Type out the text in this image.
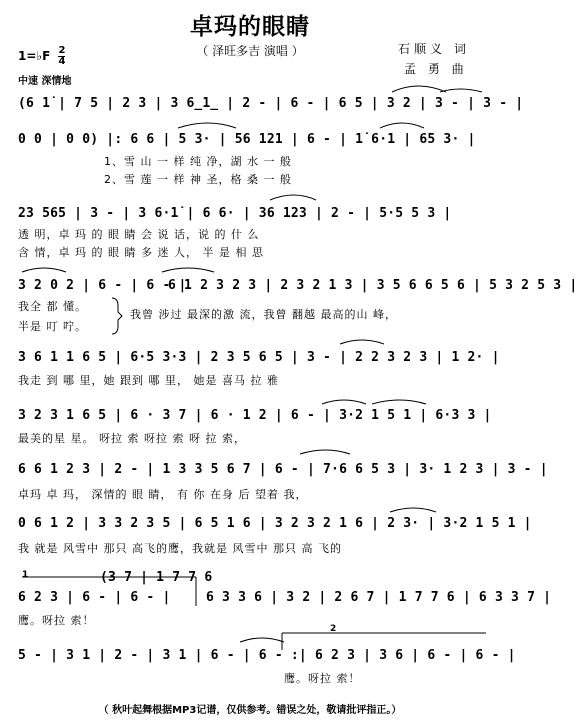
卓玛的眼睛
（ 泽旺多吉 演唱 ）	石顺义 词
孟 勇 曲
1=♭F $\frac{2}{4}$
中速 深情地
(6 1̇ | 7 5 | 2 3 | 3 6̲1̲ | 2 - | 6 - | 6 5 | 3 2 | 3 - | 3 - |
0 0 | 0 0) |: 6 6 | 5 3· | 56 121 | 6 - | 1̇ 6·1 | 65 3· |
1、雪 山 一 样 纯 净，湖 水 一 般
2、雪 莲 一 样 神 圣，格 桑 一 般
23 565 | 3 - | 3 6·1̇ | 6 6· | 36 123 | 2 - | 5·5 5 3 |
透 明，卓 玛 的 眼 睛 会 说 话，说 的 什 么
含 情，卓 玛 的 眼 睛 多 迷 人， 半 是 相 思
3 2 0 2 | 6 - | 6 - |
6 1 2 3 2 3 | 2 3 2 1 3 | 3 5 6 6 5 6 | 5 3 2 5 3 |
我全 都 懂。
半是 叮 咛。
我曾 涉过 最深的激 流，我曾 翻越 最高的山 峰，
3 6 1 1 6 5 | 6·5 3·3 | 2 3 5 6 5 | 3 - | 2 2 3 2 3 | 1 2· |
我走 到 哪 里，她 跟到 哪 里， 她是 喜马 拉 雅
3 2 3 1 6 5 | 6 · 3 7 | 6 · 1 2 | 6 - | 3·2 1 5 1 | 6·3 3 |
最美的星 星。 呀拉 索 呀拉 索 呀 拉 索，
6 6 1 2 3 | 2 - | 1 3 3 5 6 7 | 6 - | 7·6 6 5 3 | 3· 1 2 3 | 3 - |
卓玛 卓 玛， 深情的 眼 睛， 有 你 在身 后 望着 我，
0 6 1 2 | 3 3 2 3 5 | 6 5 1 6 | 3 2 3 2 1 6 | 2 3· | 3·2 1 5 1 |
我 就是 风雪中 那只 高飞的鹰，我就是 风雪中 那只 高 飞的
1	(3 7 | 1 7 7 6
6 2 3 | 6 - | 6 - |	6 3 3 6 | 3 2 | 2 6 7 | 1 7 7 6 | 6 3 3 7 |
鹰。呀拉 索！
2
5 - | 3 1 | 2 - | 3 1 | 6 - | 6 - :| 6 2 3 | 3 6 | 6 - | 6 - |
鹰。呀拉 索！
（ 秋叶起舞根据MP3记谱，仅供参考。错误之处，敬请批评指正。）
